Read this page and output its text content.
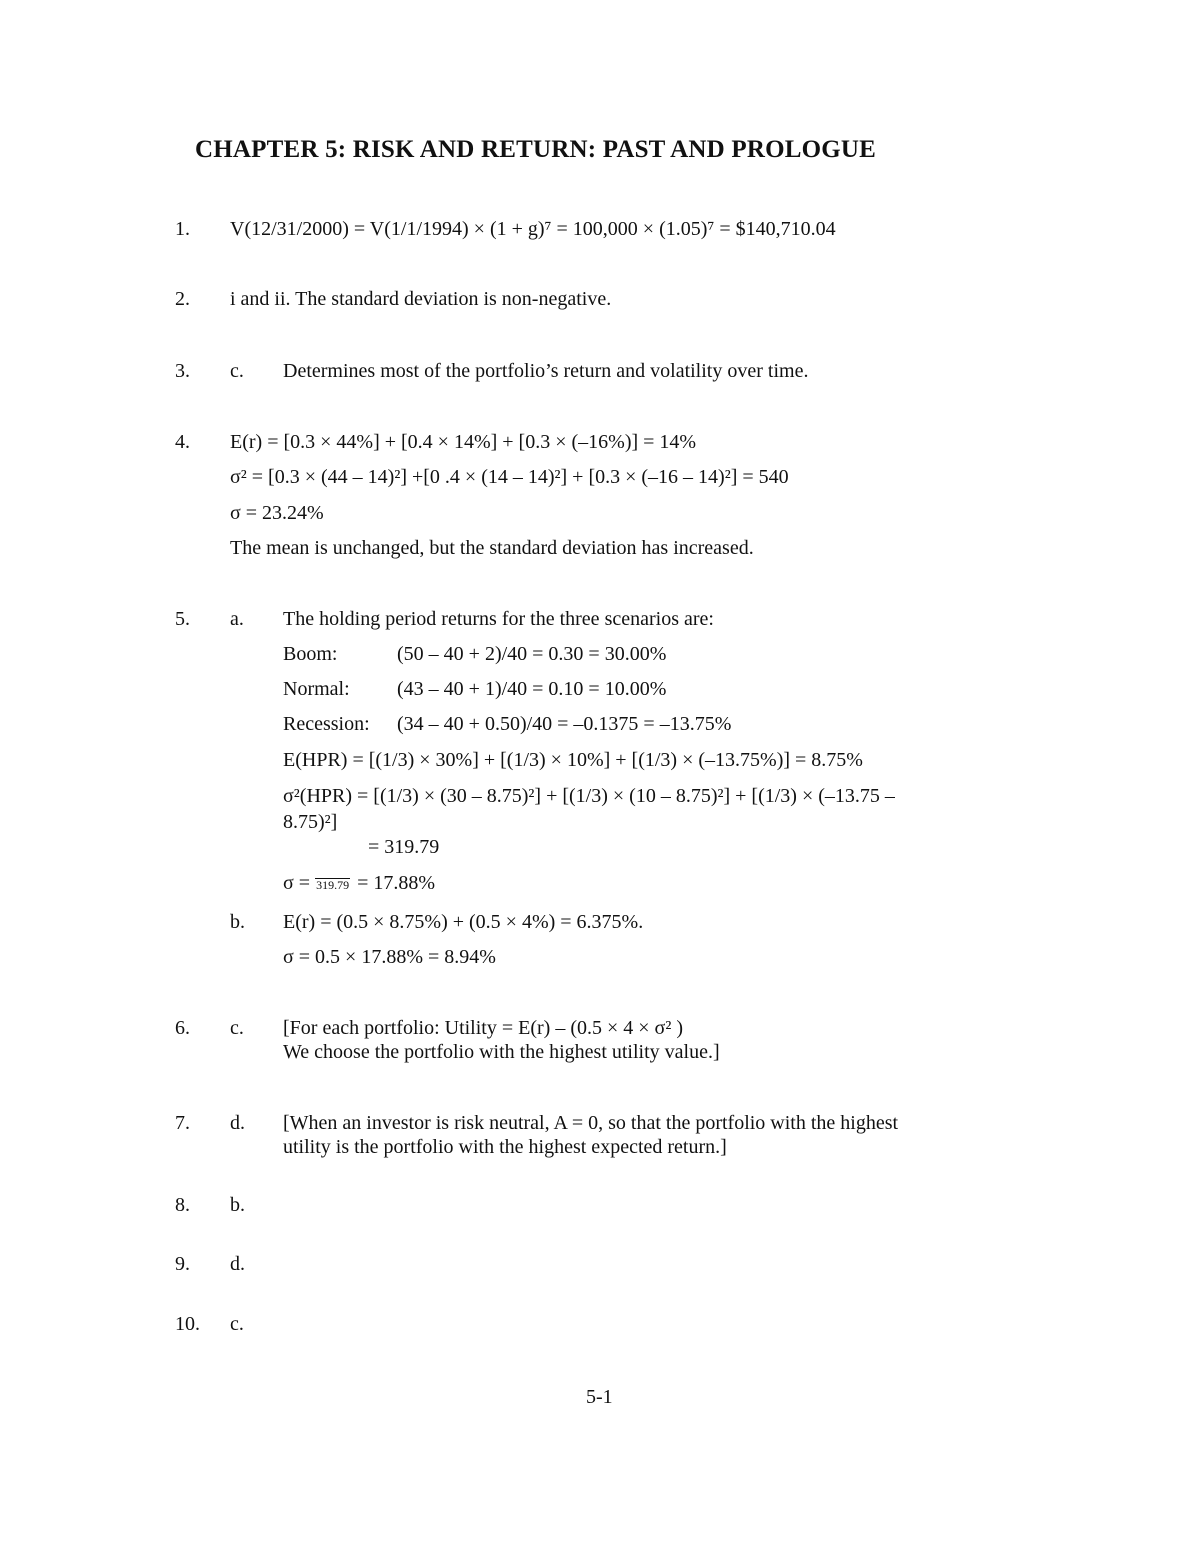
CHAPTER 5: RISK AND RETURN: PAST AND PROLOGUE
1. V(12/31/2000) = V(1/1/1994) × (1 + g)⁷ = 100,000 × (1.05)⁷ = $140,710.04
2. i and ii. The standard deviation is non-negative.
3. c. Determines most of the portfolio’s return and volatility over time.
4. E(r) = [0.3 × 44%] + [0.4 × 14%] + [0.3 × (–16%)] = 14%
σ² = [0.3 × (44 – 14)²] +[0 .4 × (14 – 14)²] + [0.3 × (–16 – 14)²] = 540
σ = 23.24%
The mean is unchanged, but the standard deviation has increased.
5. a. The holding period returns for the three scenarios are:
Boom:	(50 – 40 + 2)/40 = 0.30 = 30.00%
Normal: (43 – 40 + 1)/40 = 0.10 = 10.00%
Recession: (34 – 40 + 0.50)/40 = –0.1375 = –13.75%
E(HPR) = [(1/3) × 30%] + [(1/3) × 10%] + [(1/3) × (–13.75%)] = 8.75%
σ²(HPR) = [(1/3) × (30 – 8.75)²] + [(1/3) × (10 – 8.75)²] + [(1/3) × (–13.75 –
8.75)²]
= 319.79
σ = 319.79 = 17.88%
b. E(r) = (0.5 × 8.75%) + (0.5 × 4%) = 6.375%.
σ = 0.5 × 17.88% = 8.94%
6. c. [For each portfolio: Utility = E(r) – (0.5 × 4 × σ² )
We choose the portfolio with the highest utility value.]
7. d. [When an investor is risk neutral, A = 0, so that the portfolio with the highest
utility is the portfolio with the highest expected return.]
8. b.
9. d.
10. c.
5-1
